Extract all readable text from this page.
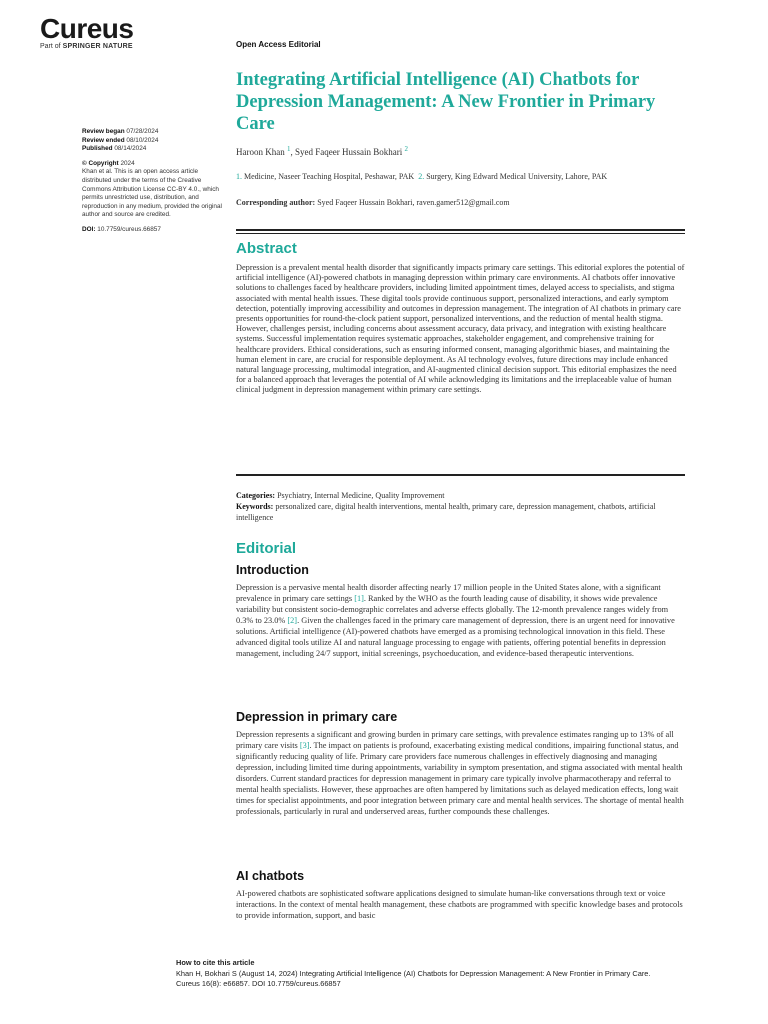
Cureus
Part of SPRINGER NATURE	Open Access Editorial
Integrating Artificial Intelligence (AI) Chatbots for Depression Management: A New Frontier in Primary Care
Haroon Khan $^1$, Syed Faqeer Hussain Bokhari $^2$
1. Medicine, Naseer Teaching Hospital, Peshawar, PAK 2. Surgery, King Edward Medical University, Lahore, PAK
Corresponding author: Syed Faqeer Hussain Bokhari, raven.gamer512@gmail.com
Review began 07/28/2024
Review ended 08/10/2024
Published 08/14/2024
© Copyright 2024
Khan et al. This is an open access article distributed under the terms of the Creative Commons Attribution License CC-BY 4.0., which permits unrestricted use, distribution, and reproduction in any medium, provided the original author and source are credited.
DOI: 10.7759/cureus.66857
Abstract

Depression is a prevalent mental health disorder that significantly impacts primary care settings. This editorial explores the potential of artificial intelligence (AI)-powered chatbots in managing depression within primary care environments. AI chatbots offer innovative solutions to challenges faced by healthcare providers, including limited appointment times, delayed access to specialists, and stigma associated with mental health issues. These digital tools provide continuous support, personalized interactions, and early symptom detection, potentially improving accessibility and outcomes in depression management. The integration of AI chatbots in primary care presents opportunities for round-the-clock patient support, personalized interventions, and the reduction of mental health stigma. However, challenges persist, including concerns about assessment accuracy, data privacy, and integration with existing healthcare systems. Successful implementation requires systematic approaches, stakeholder engagement, and comprehensive training for healthcare providers. Ethical considerations, such as ensuring informed consent, managing algorithmic biases, and maintaining the human element in care, are crucial for responsible deployment. As AI technology evolves, future directions may include enhanced natural language processing, multimodal integration, and AI-augmented clinical decision support. This editorial emphasizes the need for a balanced approach that leverages the potential of AI while acknowledging its limitations and the irreplaceable value of human clinical judgment in depression management within primary care settings.

Categories: Psychiatry, Internal Medicine, Quality Improvement
Keywords: personalized care, digital health interventions, mental health, primary care, depression management, chatbots, artificial intelligence
Editorial
Introduction

Depression is a pervasive mental health disorder affecting nearly 17 million people in the United States alone, with a significant prevalence in primary care settings [1]. Ranked by the WHO as the fourth leading cause of disability, it shows wide prevalence variability but consistent socio-demographic correlates and adverse effects globally. The 12-month prevalence ranges widely from 0.3% to 23.0% [2]. Given the challenges faced in the primary care management of depression, there is an urgent need for innovative solutions. Artificial intelligence (AI)-powered chatbots have emerged as a promising technological innovation in this field. These advanced digital tools utilize AI and natural language processing to engage with patients, offering potential benefits in depression management, including 24/7 support, initial screenings, psychoeducation, and evidence-based therapeutic interventions.

Depression in primary care

Depression represents a significant and growing burden in primary care settings, with prevalence estimates ranging up to 13% of all primary care visits [3]. The impact on patients is profound, exacerbating existing medical conditions, impairing functional status, and significantly reducing quality of life. Primary care providers face numerous challenges in effectively diagnosing and managing depression, including limited time during appointments, variability in symptom presentation, and stigma associated with mental health disorders. Current standard practices for depression management in primary care typically involve pharmacotherapy and referral to mental health specialists. However, these approaches are often hampered by limitations such as delayed medication effects, long wait times for specialist appointments, and poor integration between primary care and mental health services. The shortage of mental health professionals, particularly in rural and underserved areas, further compounds these challenges.

AI chatbots

AI-powered chatbots are sophisticated software applications designed to simulate human-like conversations through text or voice interactions. In the context of mental health management, these chatbots are programmed with specific knowledge bases and protocols to provide information, support, and basic

How to cite this article
Khan H, Bokhari S (August 14, 2024) Integrating Artificial Intelligence (AI) Chatbots for Depression Management: A New Frontier in Primary Care.
Cureus 16(8): e66857. DOI 10.7759/cureus.66857
